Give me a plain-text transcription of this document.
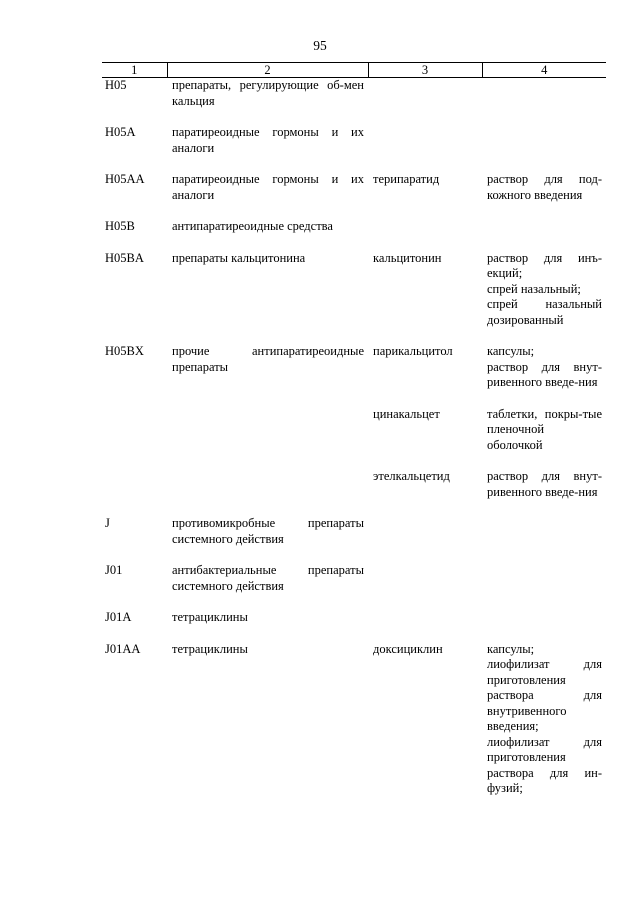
95
1	2	3	4
H05	препараты, регулирующие об-мен кальция		
H05A	паратиреоидные гормоны и их аналоги		
H05AA	паратиреоидные гормоны и их аналоги	терипаратид	раствор для под-кожного введения

H05B	антипаратиреоидные средства		
H05BA	препараты кальцитонина	кальцитонин	раствор для инъ-екций;
спрей назальный;
спрей назальный дозированный

H05BX	прочие антипаратиреоидные препараты	парикальцитол	капсулы;
раствор для внут-ривенного введе-ния

		цинакальцет	таблетки, покры-тые пленочной оболочкой

		этелкальцетид	раствор для внут-ривенного введе-ния

J	противомикробные препараты системного действия		
J01	антибактериальные препараты системного действия		
J01A	тетрациклины		
J01AA	тетрациклины	доксициклин	капсулы;
лиофилизат для приготовления раствора для внутривенного введения;
лиофилизат для приготовления раствора для ин-фузий;
